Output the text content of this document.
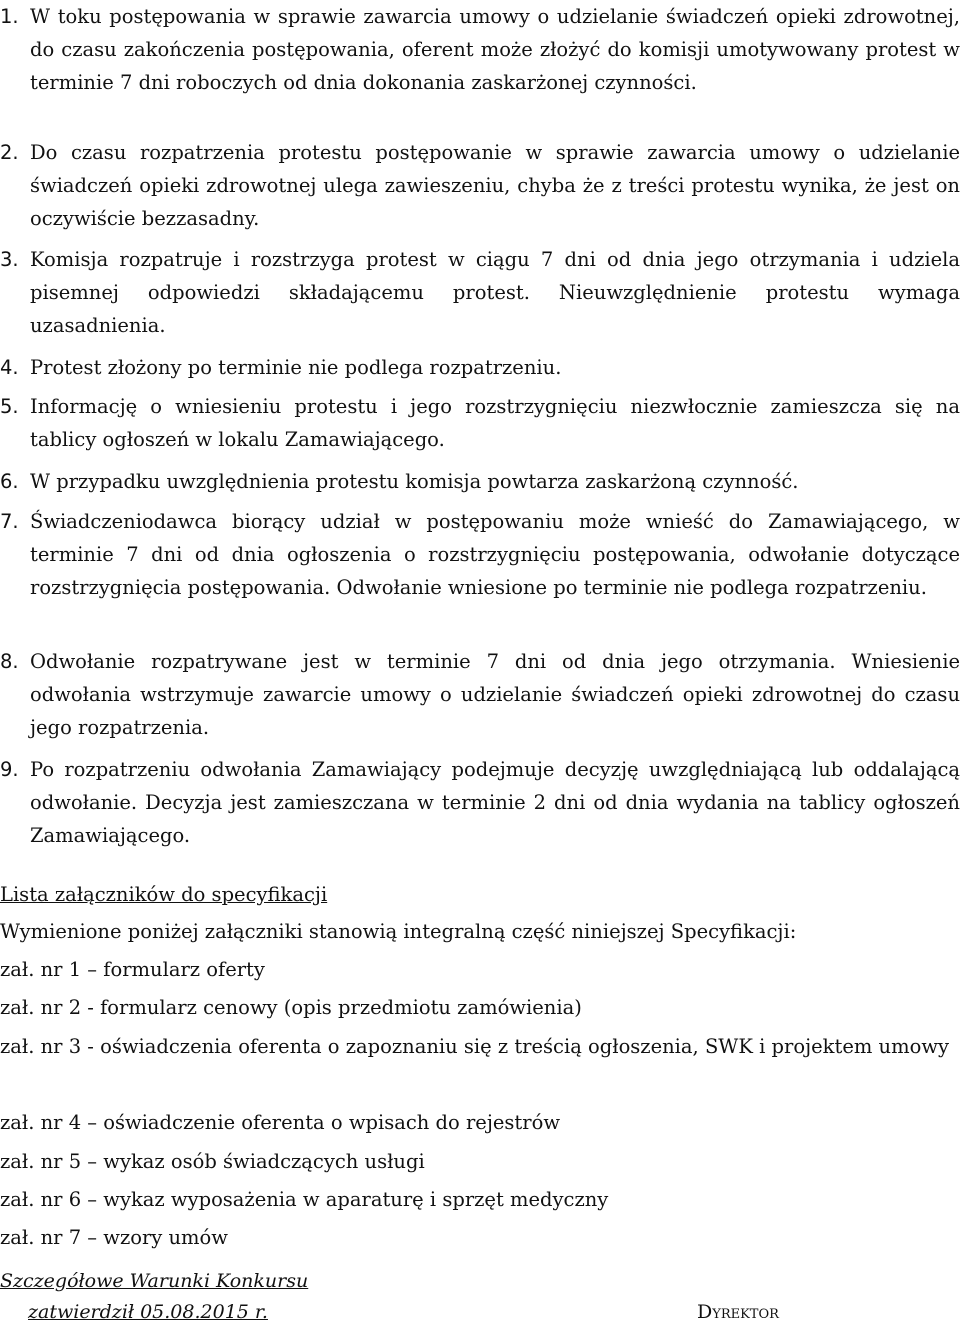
1. W toku postępowania w sprawie zawarcia umowy o udzielanie świadczeń opieki zdrowotnej, do czasu zakończenia postępowania, oferent może złożyć do komisji umotywowany protest w terminie 7 dni roboczych od dnia dokonania zaskarżonej czynności.
2. Do czasu rozpatrzenia protestu postępowanie w sprawie zawarcia umowy o udzielanie świadczeń opieki zdrowotnej ulega zawieszeniu, chyba że z treści protestu wynika, że jest on oczywiście bezzasadny.
3. Komisja rozpatruje i rozstrzyga protest w ciągu 7 dni od dnia jego otrzymania i udziela pisemnej odpowiedzi składającemu protest. Nieuwzględnienie protestu wymaga uzasadnienia.
4. Protest złożony po terminie nie podlega rozpatrzeniu.
5. Informację o wniesieniu protestu i jego rozstrzygnięciu niezwłocznie zamieszcza się na tablicy ogłoszeń w lokalu Zamawiającego.
6. W przypadku uwzględnienia protestu komisja powtarza zaskarżoną czynność.
7. Świadczeniodawca biorący udział w postępowaniu może wnieść do Zamawiającego, w terminie 7 dni od dnia ogłoszenia o rozstrzygnięciu postępowania, odwołanie dotyczące rozstrzygnięcia postępowania. Odwołanie wniesione po terminie nie podlega rozpatrzeniu.
8. Odwołanie rozpatrywane jest w terminie 7 dni od dnia jego otrzymania. Wniesienie odwołania wstrzymuje zawarcie umowy o udzielanie świadczeń opieki zdrowotnej do czasu jego rozpatrzenia.
9. Po rozpatrzeniu odwołania Zamawiający podejmuje decyzję uwzględniającą lub oddalającą odwołanie. Decyzja jest zamieszczana w terminie 2 dni od dnia wydania na tablicy ogłoszeń Zamawiającego.
Lista załączników do specyfikacji
Wymienione poniżej załączniki stanowią integralną część niniejszej Specyfikacji:
zał. nr 1 – formularz oferty
zał. nr 2 - formularz cenowy (opis przedmiotu zamówienia)
zał. nr 3 - oświadczenia oferenta o zapoznaniu się z treścią ogłoszenia, SWK i projektem umowy
zał. nr 4 – oświadczenie oferenta o wpisach do rejestrów
zał. nr 5 – wykaz osób świadczących usługi
zał. nr 6 – wykaz wyposażenia w aparaturę i sprzęt medyczny
zał. nr 7 – wzory umów
Szczegółowe Warunki Konkursu
zatwierdził 05.08.2015 r.	Dyrektor
